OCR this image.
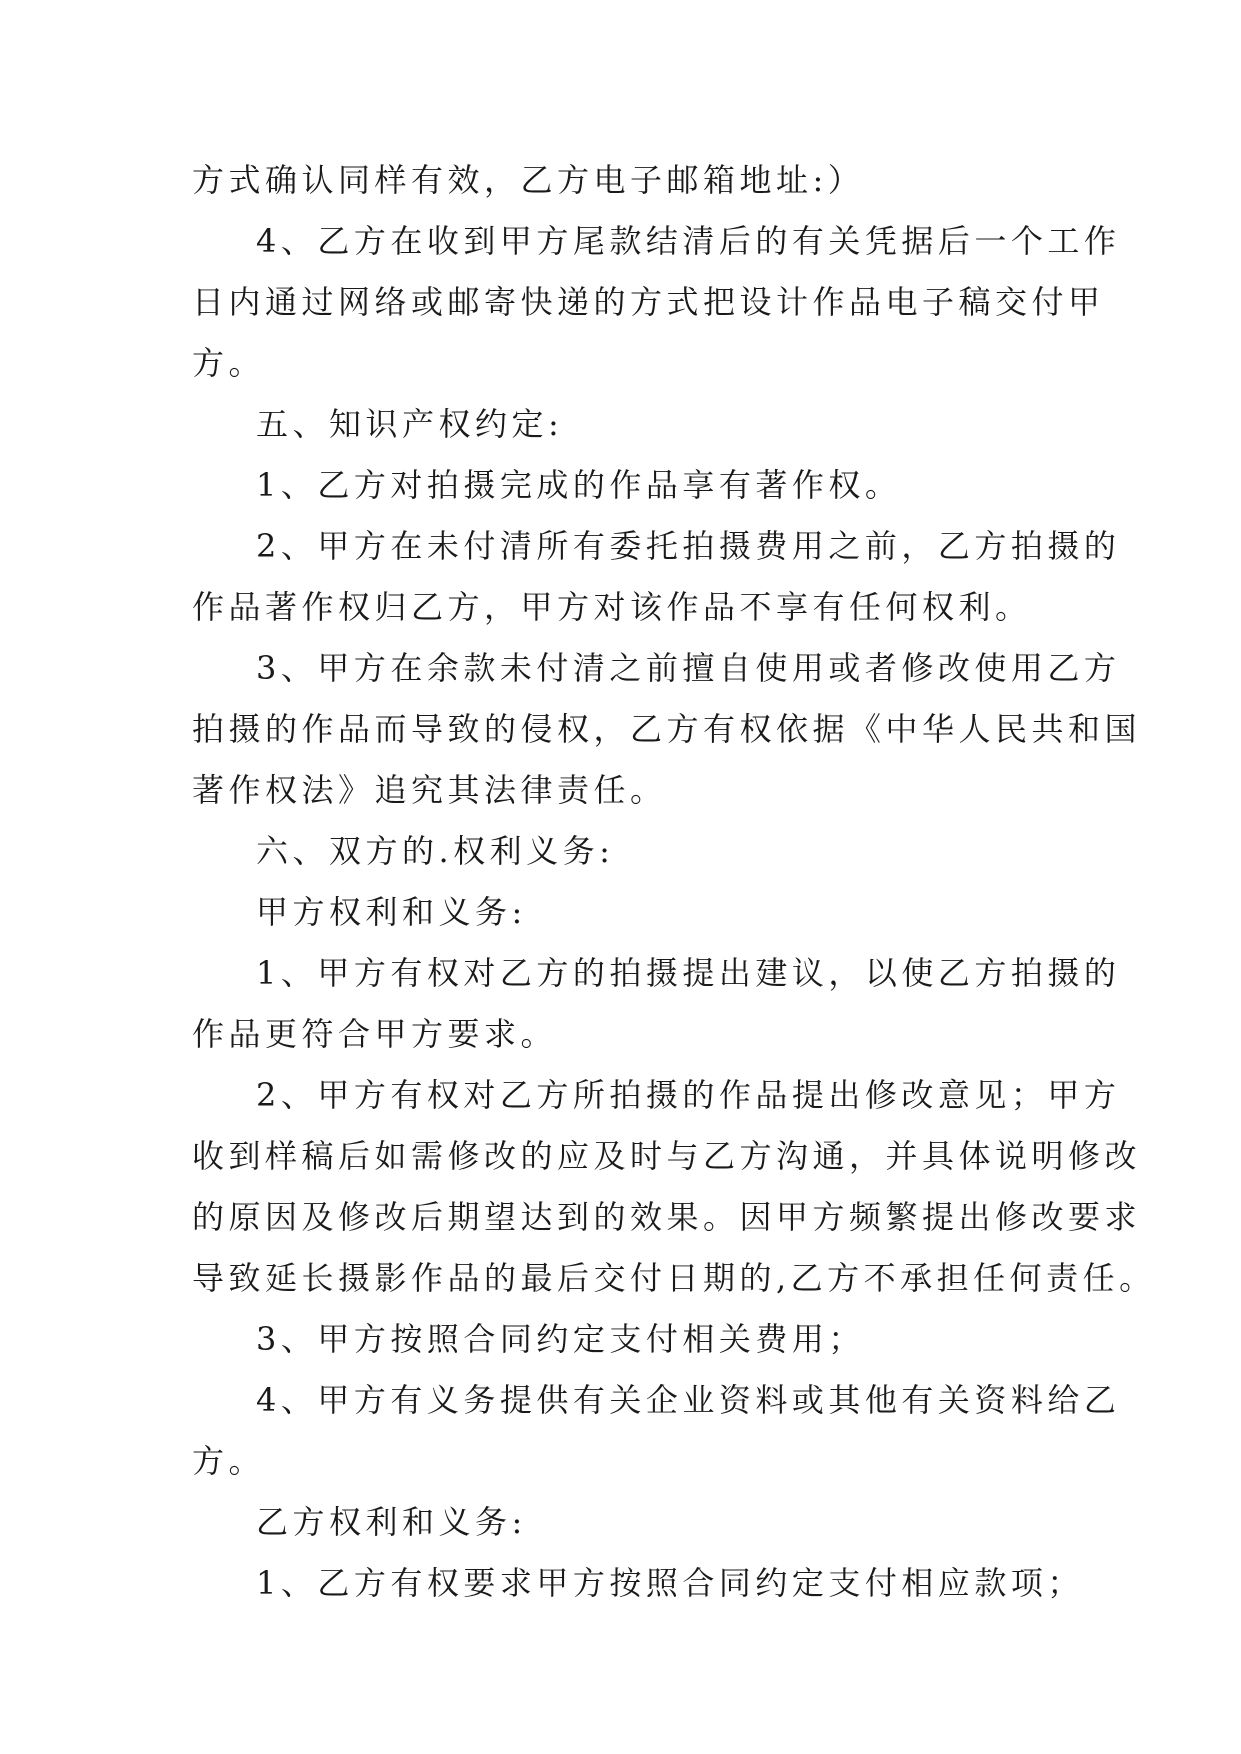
方式确认同样有效，乙方电子邮箱地址:）

4、乙方在收到甲方尾款结清后的有关凭据后一个工作

日内通过网络或邮寄快递的方式把设计作品电子稿交付甲

方。

五、知识产权约定:

1、乙方对拍摄完成的作品享有著作权。

2、甲方在未付清所有委托拍摄费用之前，乙方拍摄的

作品著作权归乙方，甲方对该作品不享有任何权利。

3、甲方在余款未付清之前擅自使用或者修改使用乙方

拍摄的作品而导致的侵权，乙方有权依据《中华人民共和国

著作权法》追究其法律责任。

六、双方的.权利义务:

甲方权利和义务:

1、甲方有权对乙方的拍摄提出建议，以使乙方拍摄的

作品更符合甲方要求。

2、甲方有权对乙方所拍摄的作品提出修改意见；甲方

收到样稿后如需修改的应及时与乙方沟通，并具体说明修改

的原因及修改后期望达到的效果。因甲方频繁提出修改要求

导致延长摄影作品的最后交付日期的,乙方不承担任何责任。

3、甲方按照合同约定支付相关费用；

4、甲方有义务提供有关企业资料或其他有关资料给乙

方。

乙方权利和义务:

1、乙方有权要求甲方按照合同约定支付相应款项；
